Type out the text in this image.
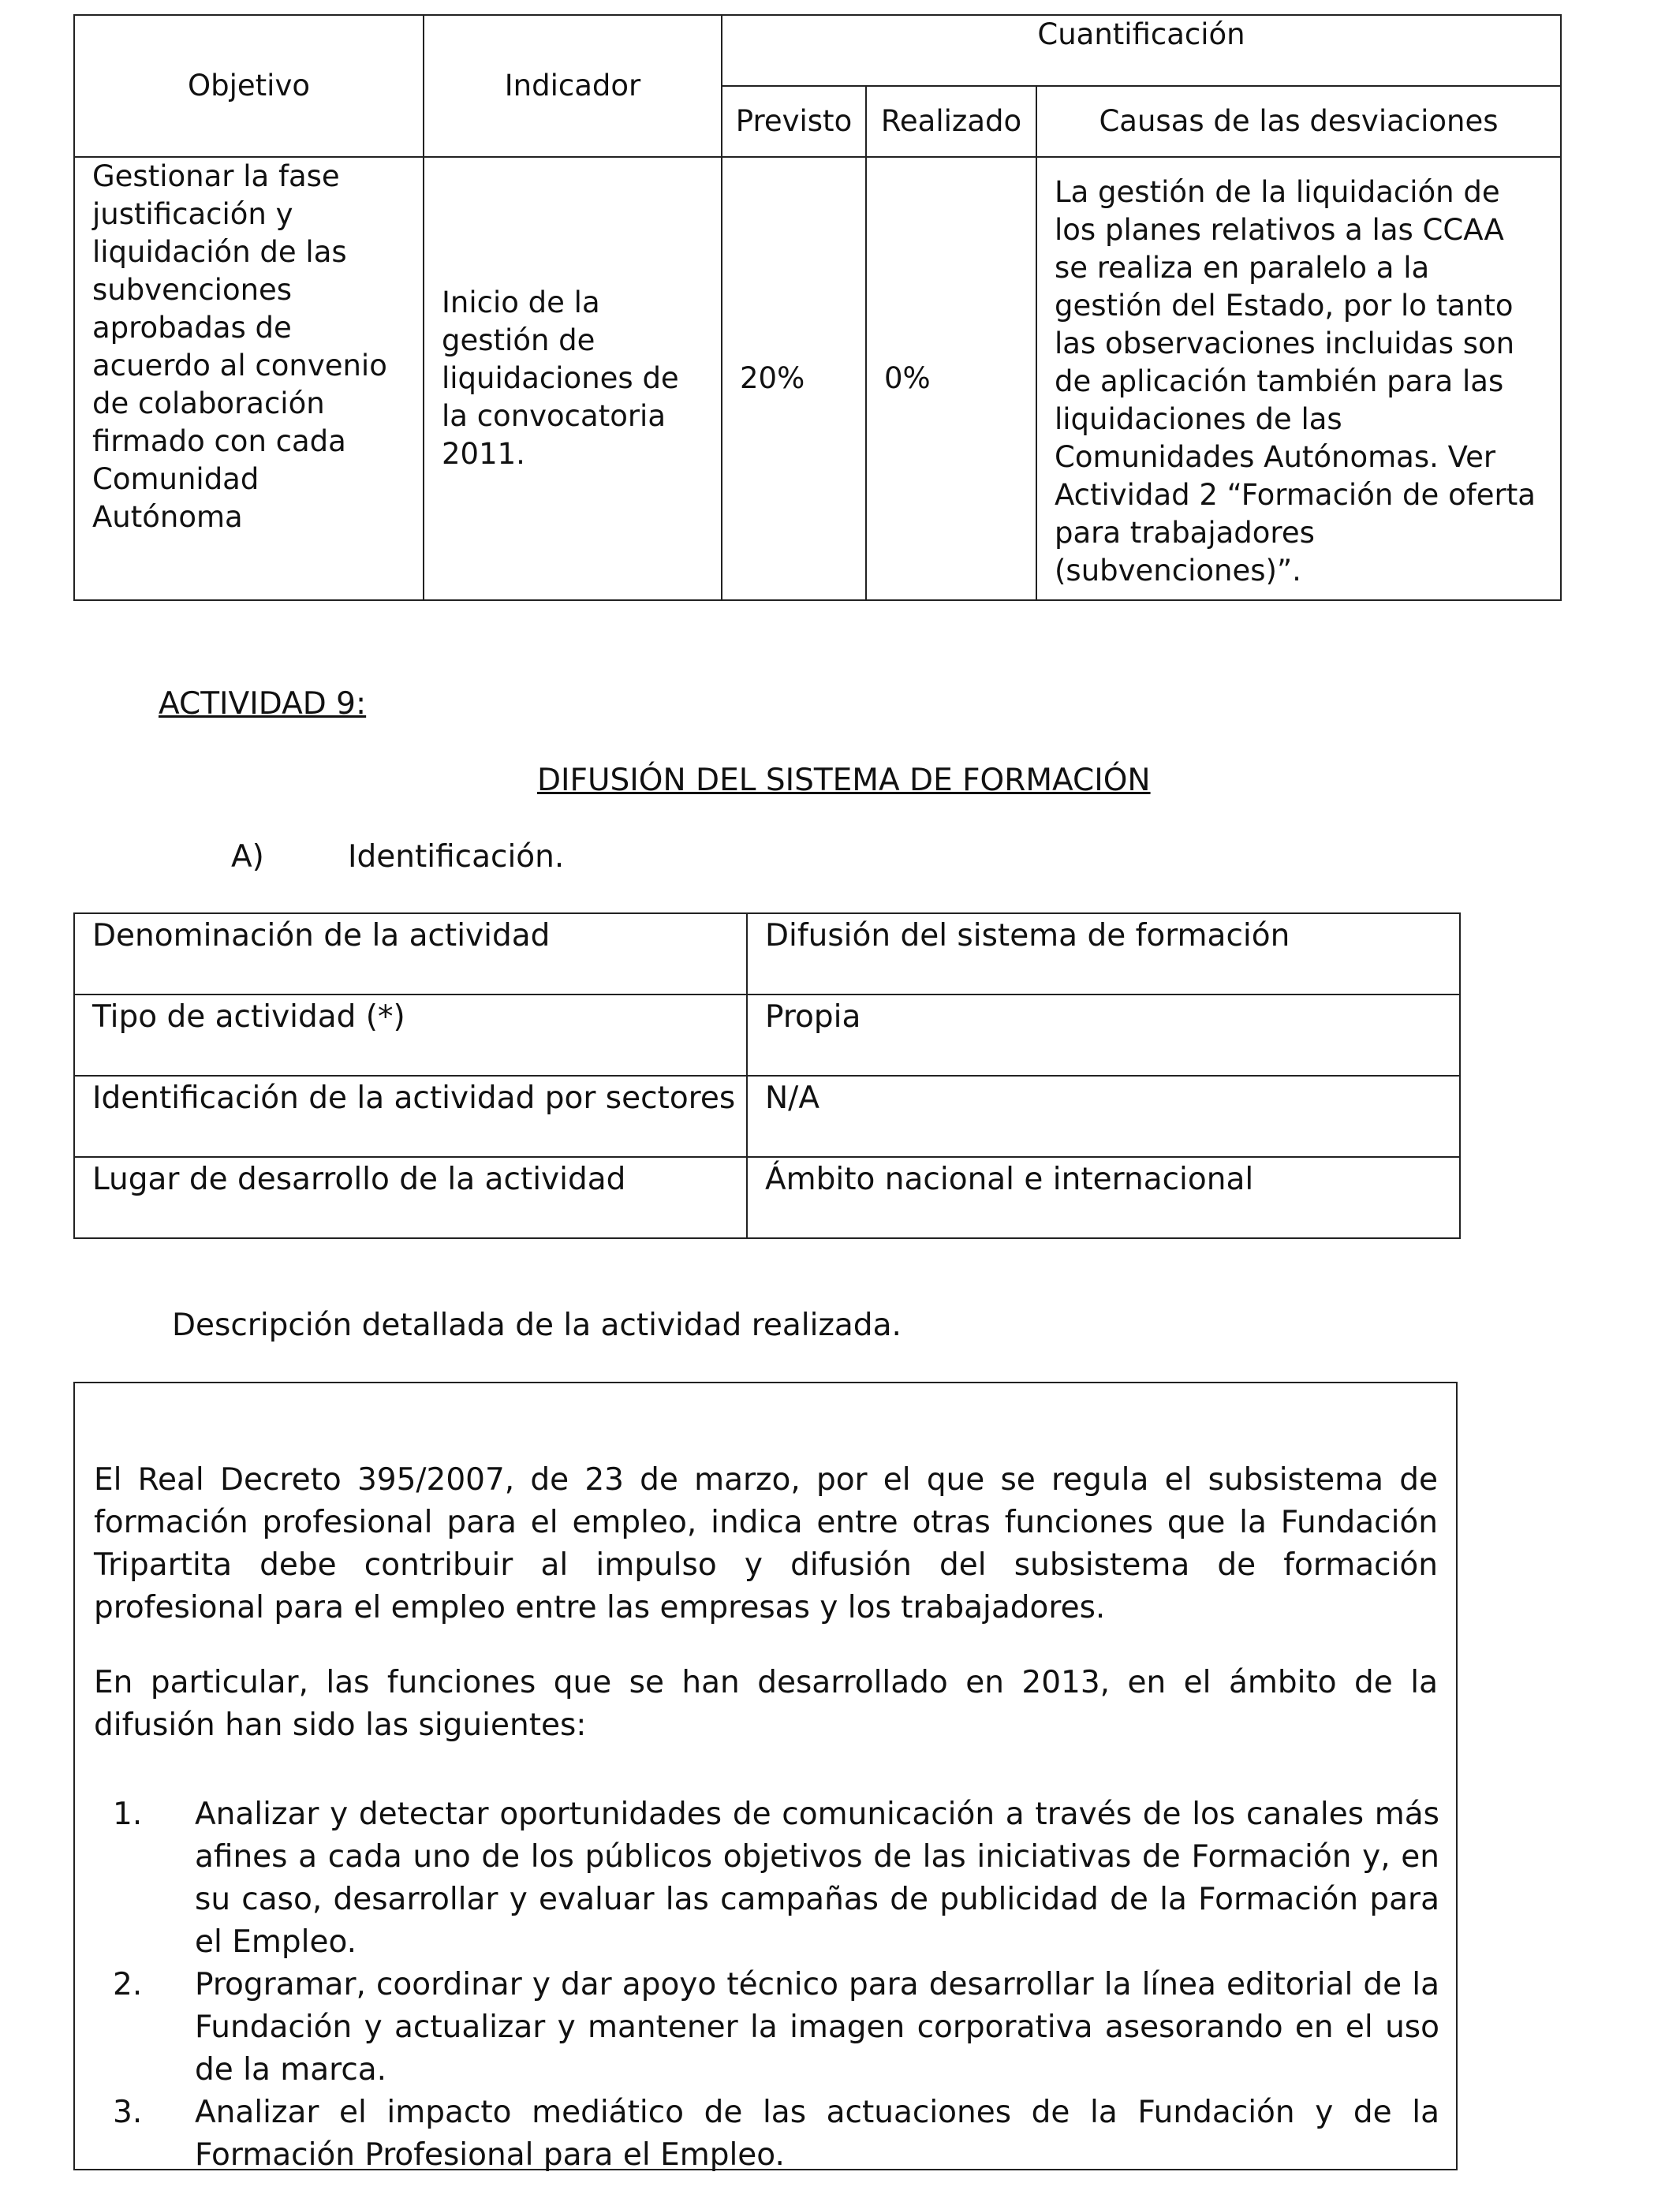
Objetivo	Indicador	Cuantificación		
		Previsto	Realizado	Causas de las desviaciones
Gestionar la fase justificación y liquidación de las subvenciones aprobadas de acuerdo al convenio de colaboración firmado con cada Comunidad Autónoma	Inicio de la gestión de liquidaciones de la convocatoria 2011.	20%	0%	La gestión de la liquidación de los planes relativos a las CCAA se realiza en paralelo a la gestión del Estado, por lo tanto las observaciones incluidas son de aplicación también para las liquidaciones de las Comunidades Autónomas. Ver Actividad 2 “Formación de oferta para trabajadores (subvenciones)”.
ACTIVIDAD 9:
DIFUSIÓN DEL SISTEMA DE FORMACIÓN
A)	Identificación.
Denominación de la actividad	Difusión del sistema de formación
Tipo de actividad (*)	Propia
Identificación de la actividad por sectores	N/A
Lugar de desarrollo de la actividad	Ámbito nacional e internacional
Descripción detallada de la actividad realizada.

El Real Decreto 395/2007, de 23 de marzo, por el que se regula el subsistema de formación profesional para el empleo, indica entre otras funciones que la Fundación Tripartita debe contribuir al impulso y difusión del subsistema de formación profesional para el empleo entre las empresas y los trabajadores.

En particular, las funciones que se han desarrollado en 2013, en el ámbito de la difusión han sido las siguientes:

1. Analizar y detectar oportunidades de comunicación a través de los canales más afines a cada uno de los públicos objetivos de las iniciativas de Formación y, en su caso, desarrollar y evaluar las campañas de publicidad de la Formación para el Empleo.
2. Programar, coordinar y dar apoyo técnico para desarrollar la línea editorial de la Fundación y actualizar y mantener la imagen corporativa asesorando en el uso de la marca.
3. Analizar el impacto mediático de las actuaciones de la Fundación y de la Formación Profesional para el Empleo.
